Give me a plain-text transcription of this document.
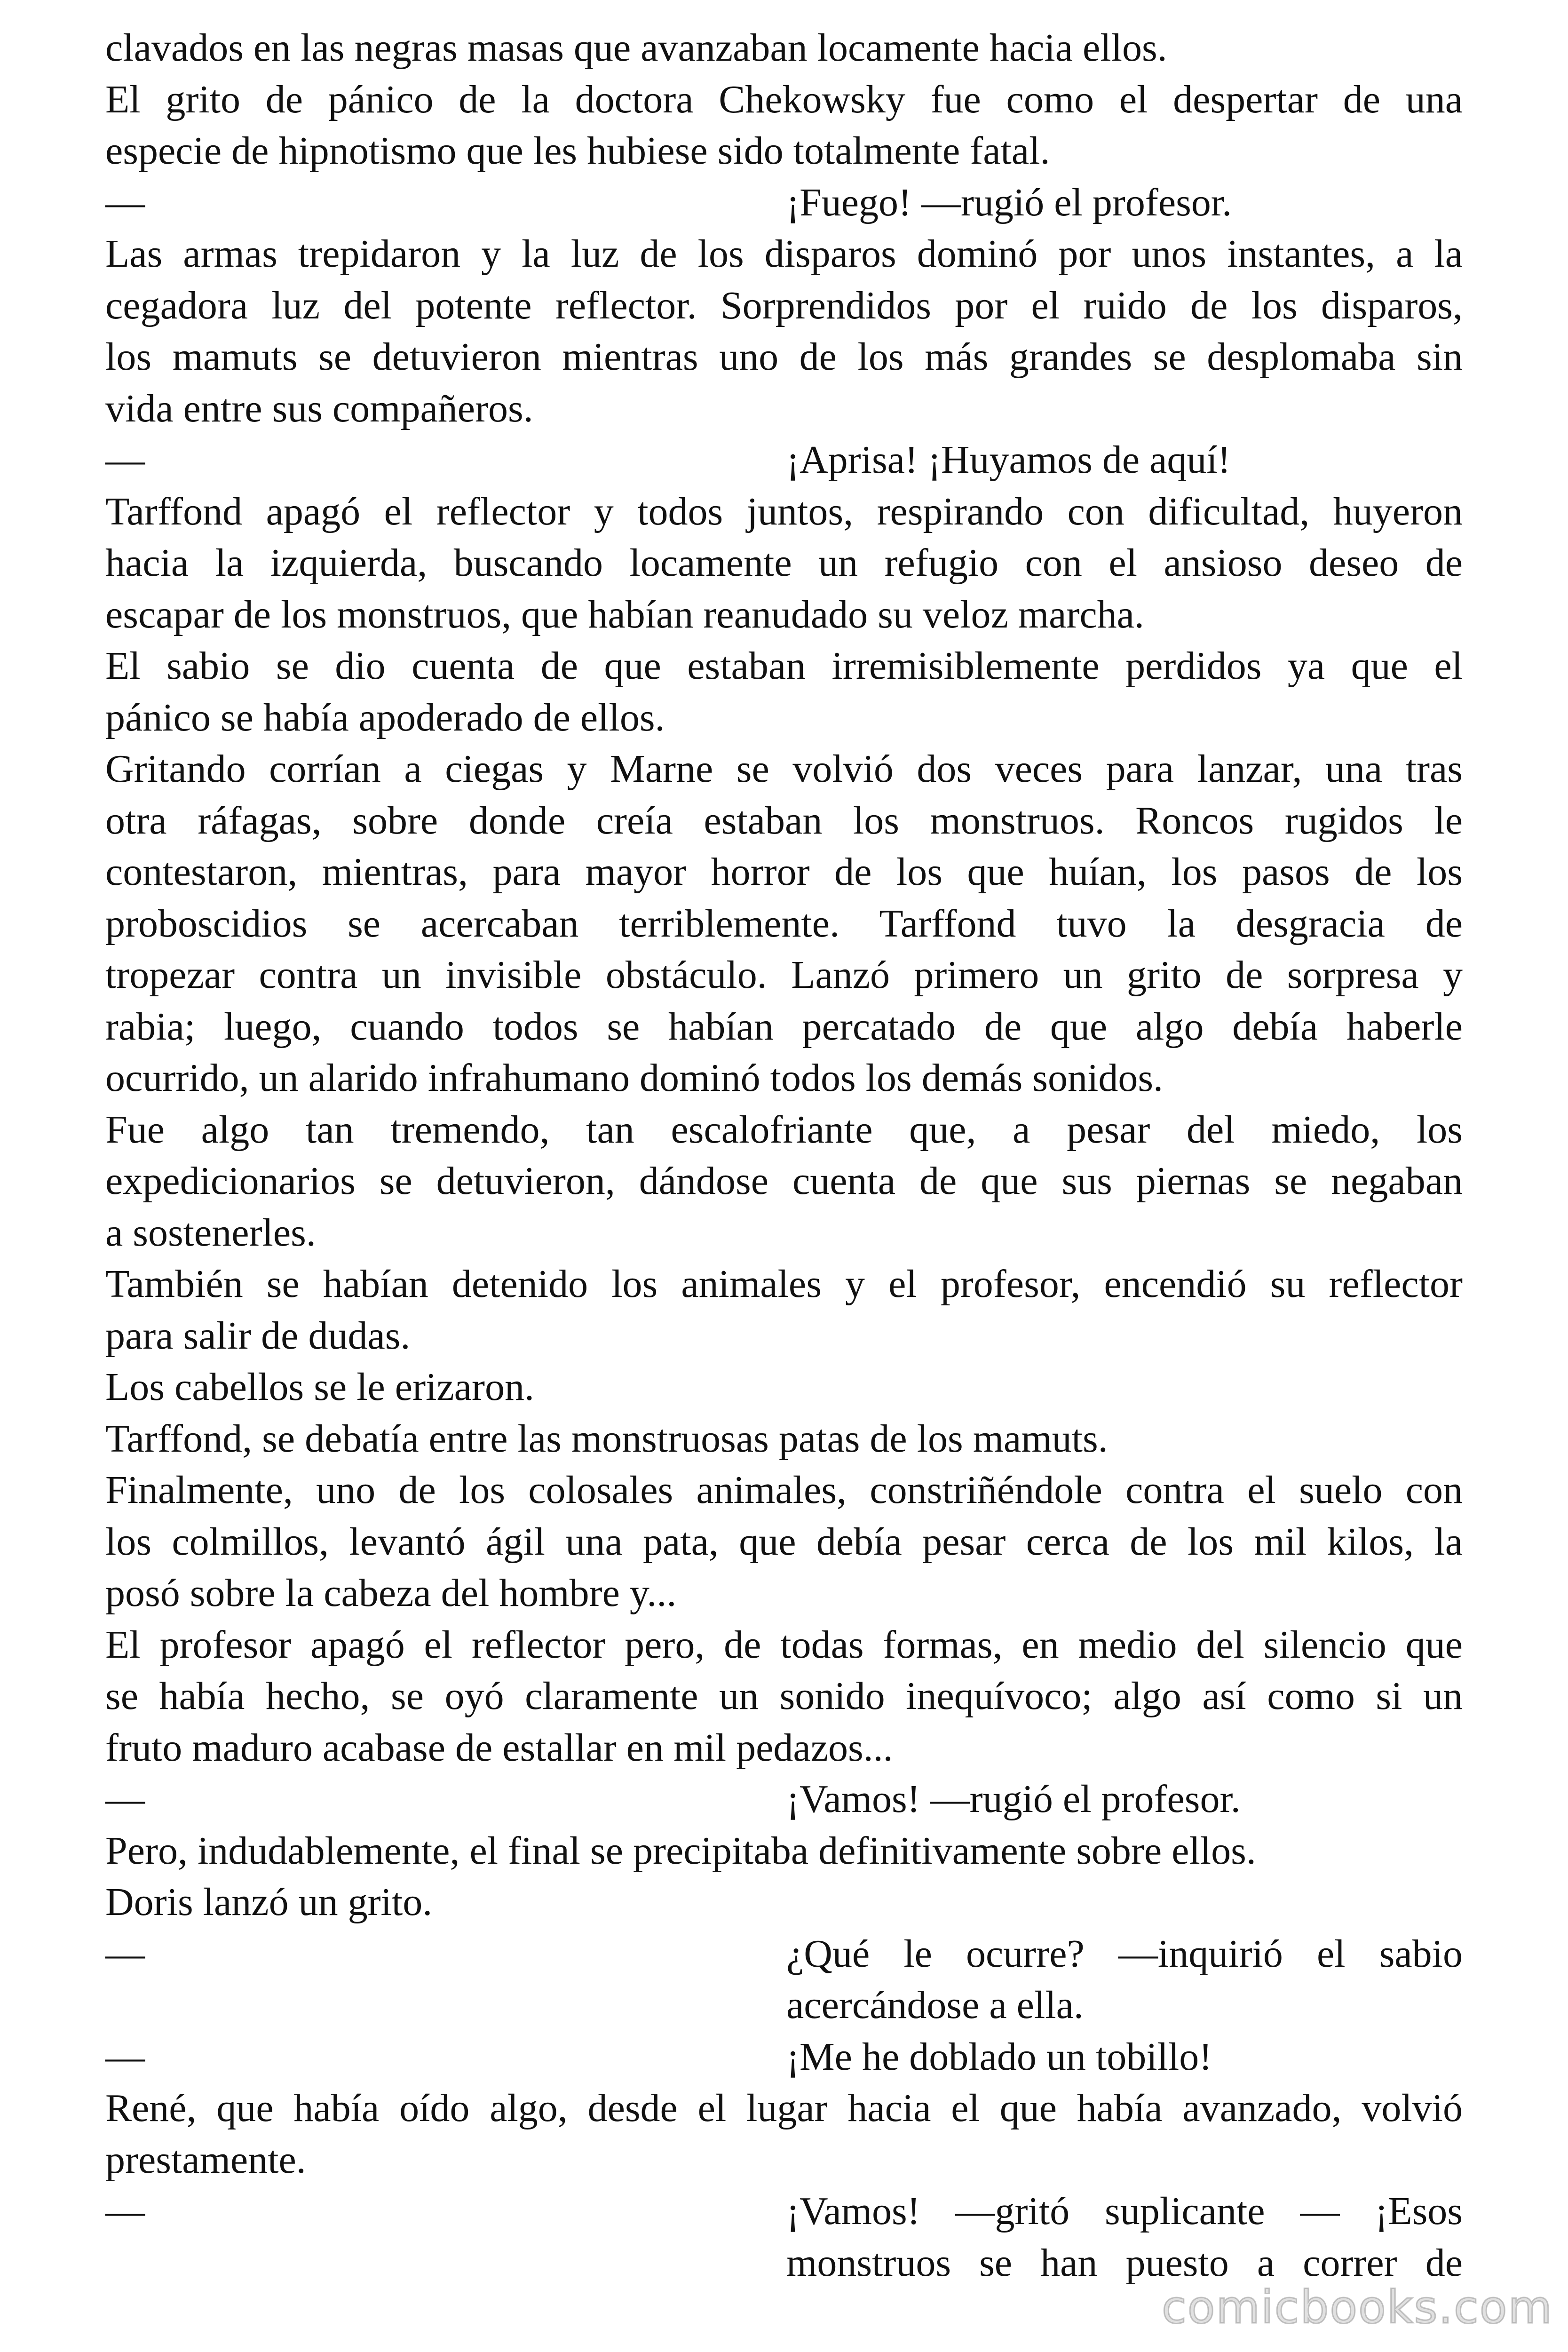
clavados en las negras masas que avanzaban locamente hacia ellos.
El grito de pánico de la doctora Chekowsky fue como el despertar de una
especie de hipnotismo que les hubiese sido totalmente fatal.
—	¡Fuego! —rugió el profesor.
Las armas trepidaron y la luz de los disparos dominó por unos instantes, a la
cegadora luz del potente reflector. Sorprendidos por el ruido de los disparos,
los mamuts se detuvieron mientras uno de los más grandes se desplomaba sin
vida entre sus compañeros.
—	¡Aprisa! ¡Huyamos de aquí!
Tarffond apagó el reflector y todos juntos, respirando con dificultad, huyeron
hacia la izquierda, buscando locamente un refugio con el ansioso deseo de
escapar de los monstruos, que habían reanudado su veloz marcha.
El sabio se dio cuenta de que estaban irremisiblemente perdidos ya que el
pánico se había apoderado de ellos.
Gritando corrían a ciegas y Marne se volvió dos veces para lanzar, una tras
otra ráfagas, sobre donde creía estaban los monstruos. Roncos rugidos le
contestaron, mientras, para mayor horror de los que huían, los pasos de los
proboscidios se acercaban terriblemente. Tarffond tuvo la desgracia de
tropezar contra un invisible obstáculo. Lanzó primero un grito de sorpresa y
rabia; luego, cuando todos se habían percatado de que algo debía haberle
ocurrido, un alarido infrahumano dominó todos los demás sonidos.
Fue algo tan tremendo, tan escalofriante que, a pesar del miedo, los
expedicionarios se detuvieron, dándose cuenta de que sus piernas se negaban
a sostenerles.
También se habían detenido los animales y el profesor, encendió su reflector
para salir de dudas.
Los cabellos se le erizaron.
Tarffond, se debatía entre las monstruosas patas de los mamuts.
Finalmente, uno de los colosales animales, constriñéndole contra el suelo con
los colmillos, levantó ágil una pata, que debía pesar cerca de los mil kilos, la
posó sobre la cabeza del hombre y...
El profesor apagó el reflector pero, de todas formas, en medio del silencio que
se había hecho, se oyó claramente un sonido inequívoco; algo así como si un
fruto maduro acabase de estallar en mil pedazos...
—	¡Vamos! —rugió el profesor.
Pero, indudablemente, el final se precipitaba definitivamente sobre ellos.
Doris lanzó un grito.
—	¿Qué le ocurre? —inquirió el sabio
acercándose a ella.
—	¡Me he doblado un tobillo!
René, que había oído algo, desde el lugar hacia el que había avanzado, volvió
prestamente.
—	¡Vamos! —gritó suplicante — ¡Esos
monstruos se han puesto a correr de
comicbooks.com
